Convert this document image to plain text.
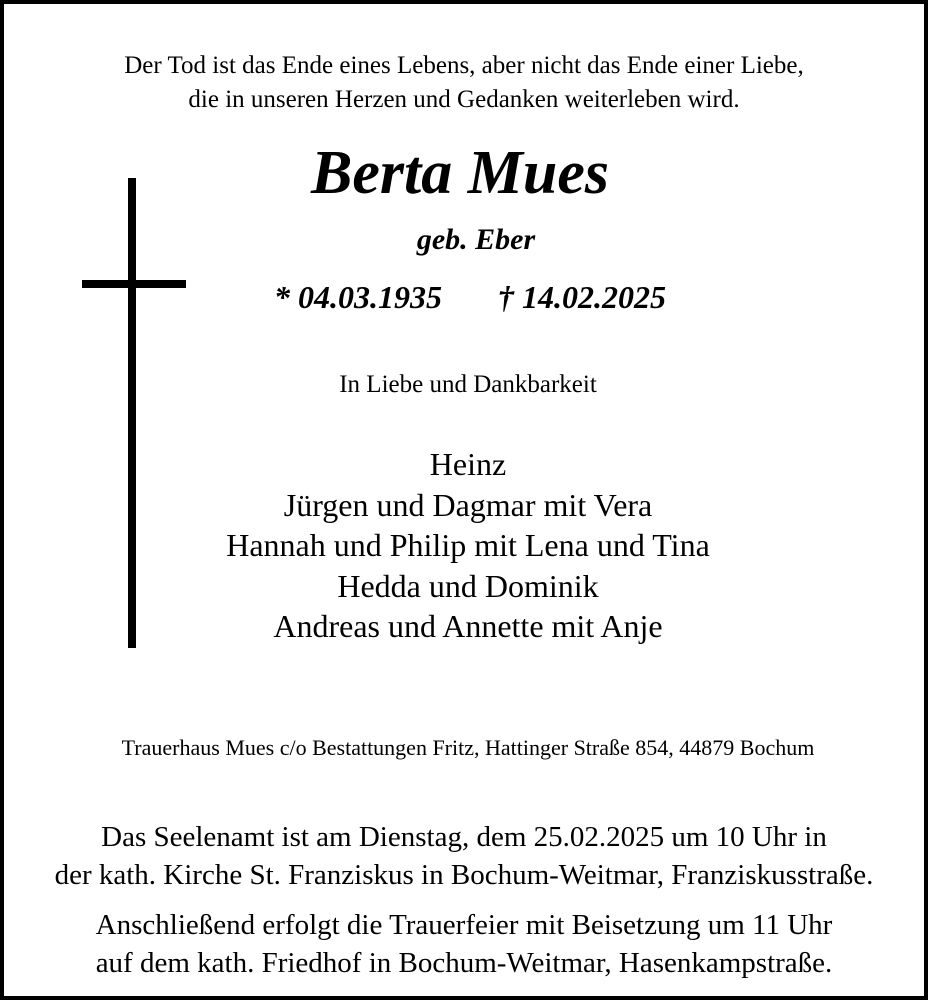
Der Tod ist das Ende eines Lebens, aber nicht das Ende einer Liebe,
die in unseren Herzen und Gedanken weiterleben wird.
Berta Mues
geb. Eber
* 04.03.1935 † 14.02.2025
In Liebe und Dankbarkeit
Heinz
Jürgen und Dagmar mit Vera
Hannah und Philip mit Lena und Tina
Hedda und Dominik
Andreas und Annette mit Anje
Trauerhaus Mues c/o Bestattungen Fritz, Hattinger Straße 854, 44879 Bochum
Das Seelenamt ist am Dienstag, dem 25.02.2025 um 10 Uhr in
der kath. Kirche St. Franziskus in Bochum-Weitmar, Franziskusstraße.
Anschließend erfolgt die Trauerfeier mit Beisetzung um 11 Uhr
auf dem kath. Friedhof in Bochum-Weitmar, Hasenkampstraße.
